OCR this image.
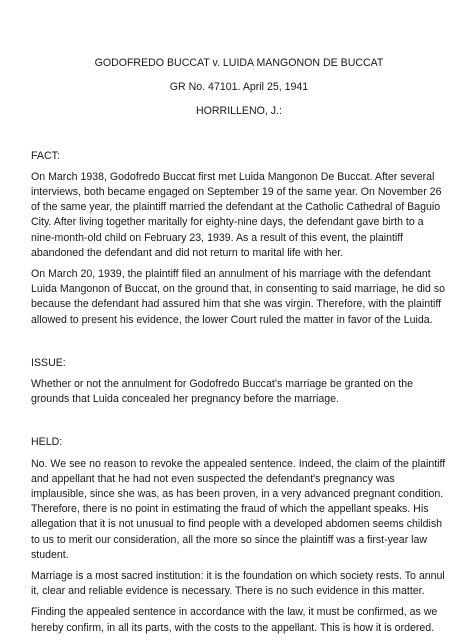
GODOFREDO BUCCAT v. LUIDA MANGONON DE BUCCAT
GR No. 47101. April 25, 1941
HORRILLENO, J.:
FACT:

On March 1938, Godofredo Buccat first met Luida Mangonon De Buccat. After several interviews, both became engaged on September 19 of the same year. On November 26 of the same year, the plaintiff married the defendant at the Catholic Cathedral of Baguio City. After living together maritally for eighty-nine days, the defendant gave birth to a nine-month-old child on February 23, 1939. As a result of this event, the plaintiff abandoned the defendant and did not return to marital life with her.

On March 20, 1939, the plaintiff filed an annulment of his marriage with the defendant Luida Mangonon of Buccat, on the ground that, in consenting to said marriage, he did so because the defendant had assured him that she was virgin. Therefore, with the plaintiff allowed to present his evidence, the lower Court ruled the matter in favor of the Luida.

ISSUE:

Whether or not the annulment for Godofredo Buccat’s marriage be granted on the grounds that Luida concealed her pregnancy before the marriage.

HELD:

No. We see no reason to revoke the appealed sentence. Indeed, the claim of the plaintiff and appellant that he had not even suspected the defendant's pregnancy was implausible, since she was, as has been proven, in a very advanced pregnant condition. Therefore, there is no point in estimating the fraud of which the appellant speaks. His allegation that it is not unusual to find people with a developed abdomen seems childish to us to merit our consideration, all the more so since the plaintiff was a first-year law student.

Marriage is a most sacred institution: it is the foundation on which society rests. To annul it, clear and reliable evidence is necessary. There is no such evidence in this matter.

Finding the appealed sentence in accordance with the law, it must be confirmed, as we hereby confirm, in all its parts, with the costs to the appellant. This is how it is ordered.
